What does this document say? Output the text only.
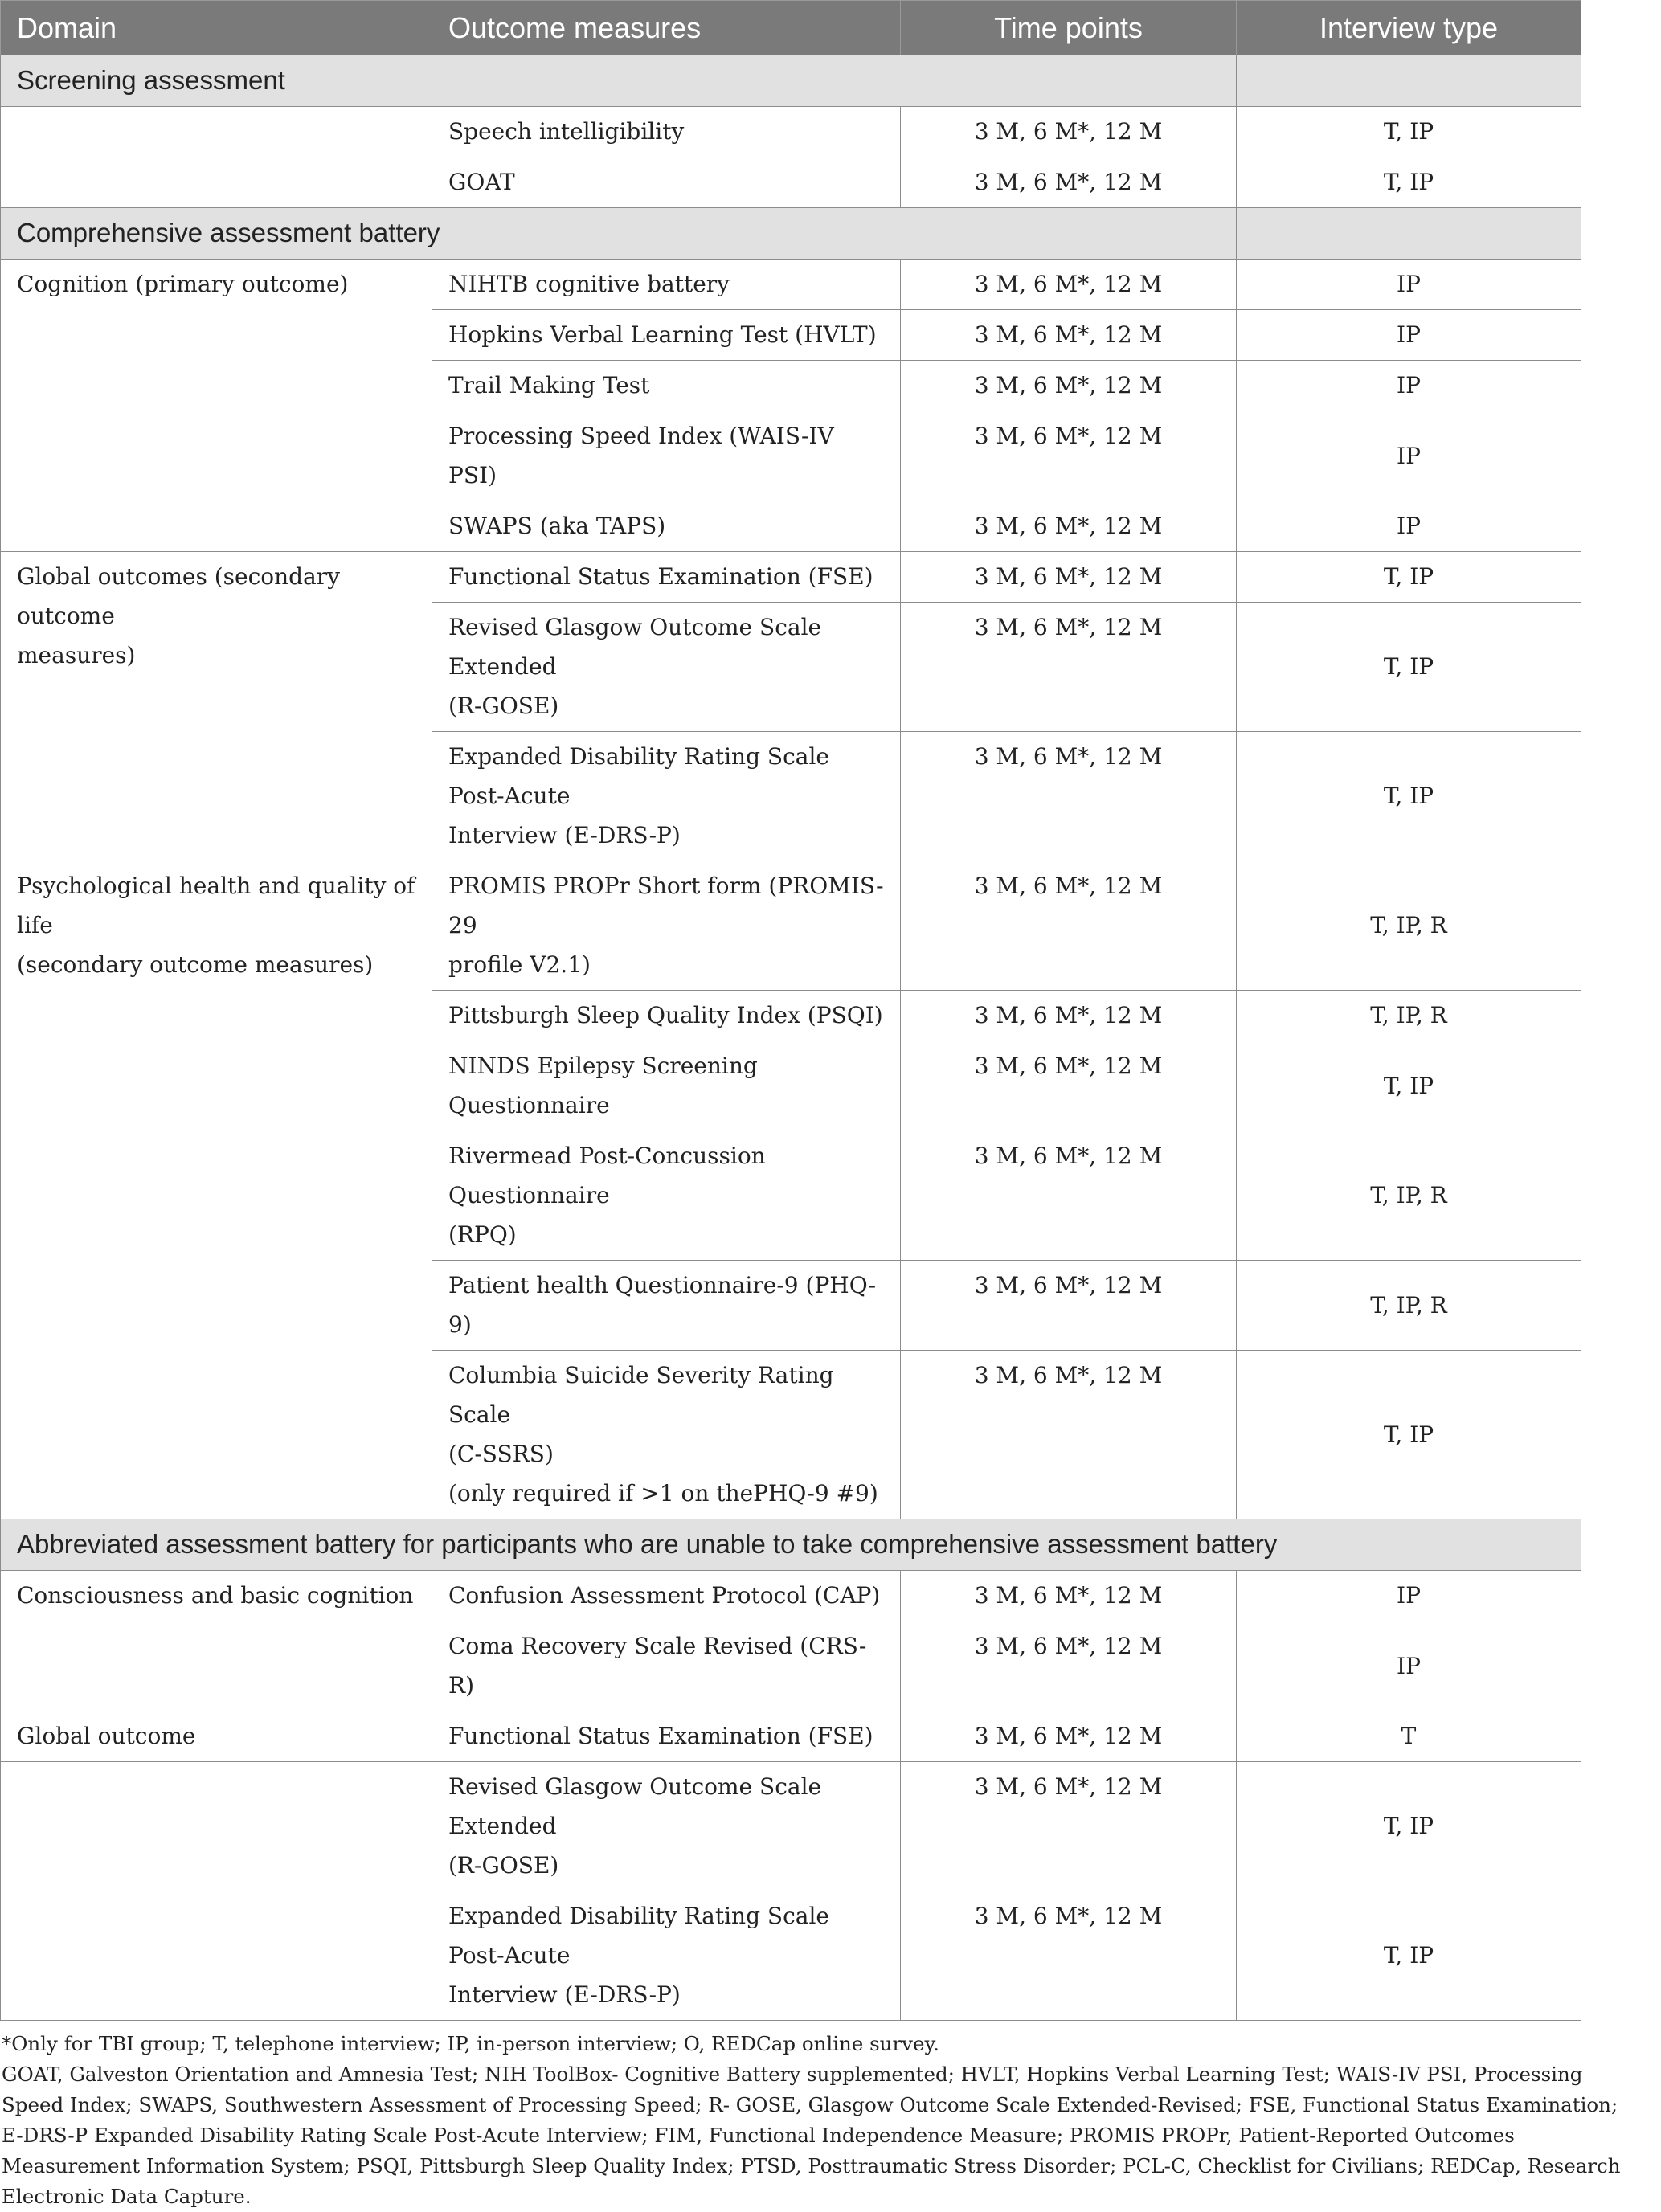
Domain	Outcome measures	Time points	Interview type
Screening assessment			
	Speech intelligibility	3 M, 6 M*, 12 M	T, IP
	GOAT	3 M, 6 M*, 12 M	T, IP
Comprehensive assessment battery			
Cognition (primary outcome)	NIHTB cognitive battery	3 M, 6 M*, 12 M	IP
	Hopkins Verbal Learning Test (HVLT)	3 M, 6 M*, 12 M	IP
	Trail Making Test	3 M, 6 M*, 12 M	IP
	Processing Speed Index (WAIS-IV PSI)	3 M, 6 M*, 12 M	IP
	SWAPS (aka TAPS)	3 M, 6 M*, 12 M	IP
Global outcomes (secondary outcome
measures)	Functional Status Examination (FSE)	3 M, 6 M*, 12 M	T, IP
	Revised Glasgow Outcome Scale Extended
(R-GOSE)	3 M, 6 M*, 12 M	T, IP
	Expanded Disability Rating Scale Post-Acute
Interview (E-DRS-P)	3 M, 6 M*, 12 M	T, IP
Psychological health and quality of life
(secondary outcome measures)	PROMIS PROPr Short form (PROMIS-29
profile V2.1)	3 M, 6 M*, 12 M	T, IP, R
	Pittsburgh Sleep Quality Index (PSQI)	3 M, 6 M*, 12 M	T, IP, R
	NINDS Epilepsy Screening Questionnaire	3 M, 6 M*, 12 M	T, IP
	Rivermead Post-Concussion Questionnaire
(RPQ)	3 M, 6 M*, 12 M	T, IP, R
	Patient health Questionnaire-9 (PHQ-9)	3 M, 6 M*, 12 M	T, IP, R
	Columbia Suicide Severity Rating Scale
(C-SSRS)
(only required if >1 on thePHQ-9 #9)	3 M, 6 M*, 12 M	T, IP
Abbreviated assessment battery for participants who are unable to take comprehensive assessment battery			
Consciousness and basic cognition	Confusion Assessment Protocol (CAP)	3 M, 6 M*, 12 M	IP
	Coma Recovery Scale Revised (CRS-R)	3 M, 6 M*, 12 M	IP
Global outcome	Functional Status Examination (FSE)	3 M, 6 M*, 12 M	T
	Revised Glasgow Outcome Scale Extended
(R-GOSE)	3 M, 6 M*, 12 M	T, IP
	Expanded Disability Rating Scale Post-Acute
Interview (E-DRS-P)	3 M, 6 M*, 12 M	T, IP

*Only for TBI group; T, telephone interview; IP, in-person interview; O, REDCap online survey.

GOAT, Galveston Orientation and Amnesia Test; NIH ToolBox- Cognitive Battery supplemented; HVLT, Hopkins Verbal Learning Test; WAIS-IV PSI, Processing Speed Index; SWAPS, Southwestern Assessment of Processing Speed; R- GOSE, Glasgow Outcome Scale Extended-Revised; FSE, Functional Status Examination; E-DRS-P Expanded Disability Rating Scale Post-Acute Interview; FIM, Functional Independence Measure; PROMIS PROPr, Patient-Reported Outcomes Measurement Information System; PSQI, Pittsburgh Sleep Quality Index; PTSD, Posttraumatic Stress Disorder; PCL-C, Checklist for Civilians; REDCap, Research Electronic Data Capture.
